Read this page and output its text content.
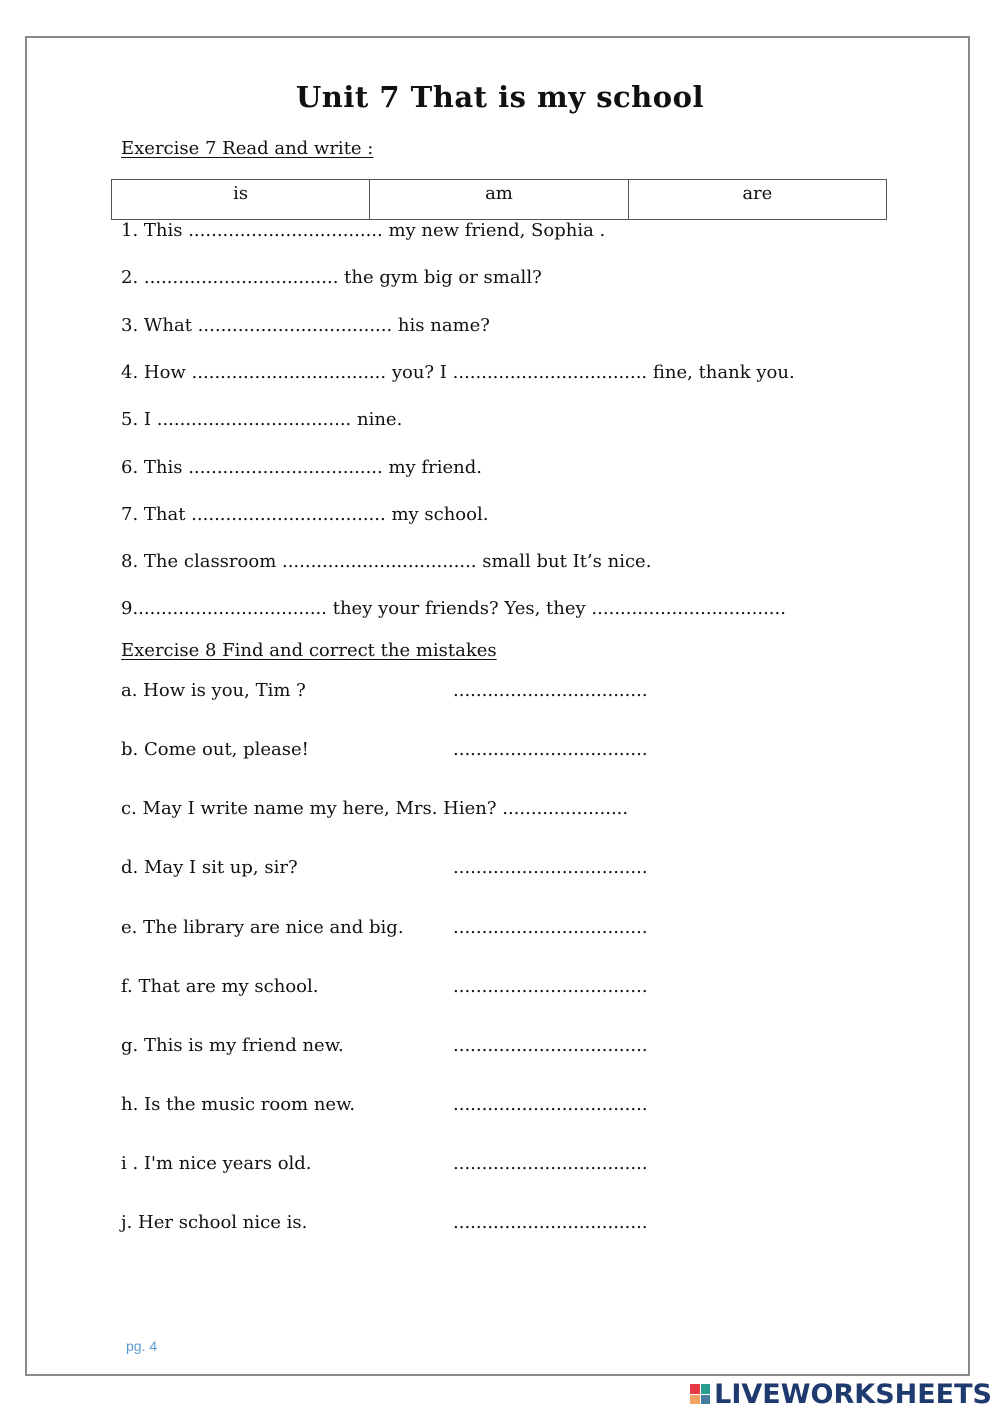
Unit 7 That is my school
Exercise 7 Read and write :
is	am	are
1. This .................................. my new friend, Sophia .
2. .................................. the gym big or small?
3. What .................................. his name?
4. How .................................. you? I .................................. fine, thank you.
5. I .................................. nine.
6. This .................................. my friend.
7. That .................................. my school.
8. The classroom .................................. small but It’s nice.
9.................................. they your friends? Yes, they ..................................
Exercise 8 Find and correct the mistakes
a. How is you, Tim ?	..................................
b. Come out, please!	..................................
c. May I write name my here, Mrs. Hien? ......................
d. May I sit up, sir?	..................................
e. The library are nice and big.	..................................
f. That are my school.	..................................
g. This is my friend new.	..................................
h. Is the music room new.	..................................
i . I'm nice years old.	..................................
j. Her school nice is.	..................................
pg. 4
LIVEWORKSHEETS
